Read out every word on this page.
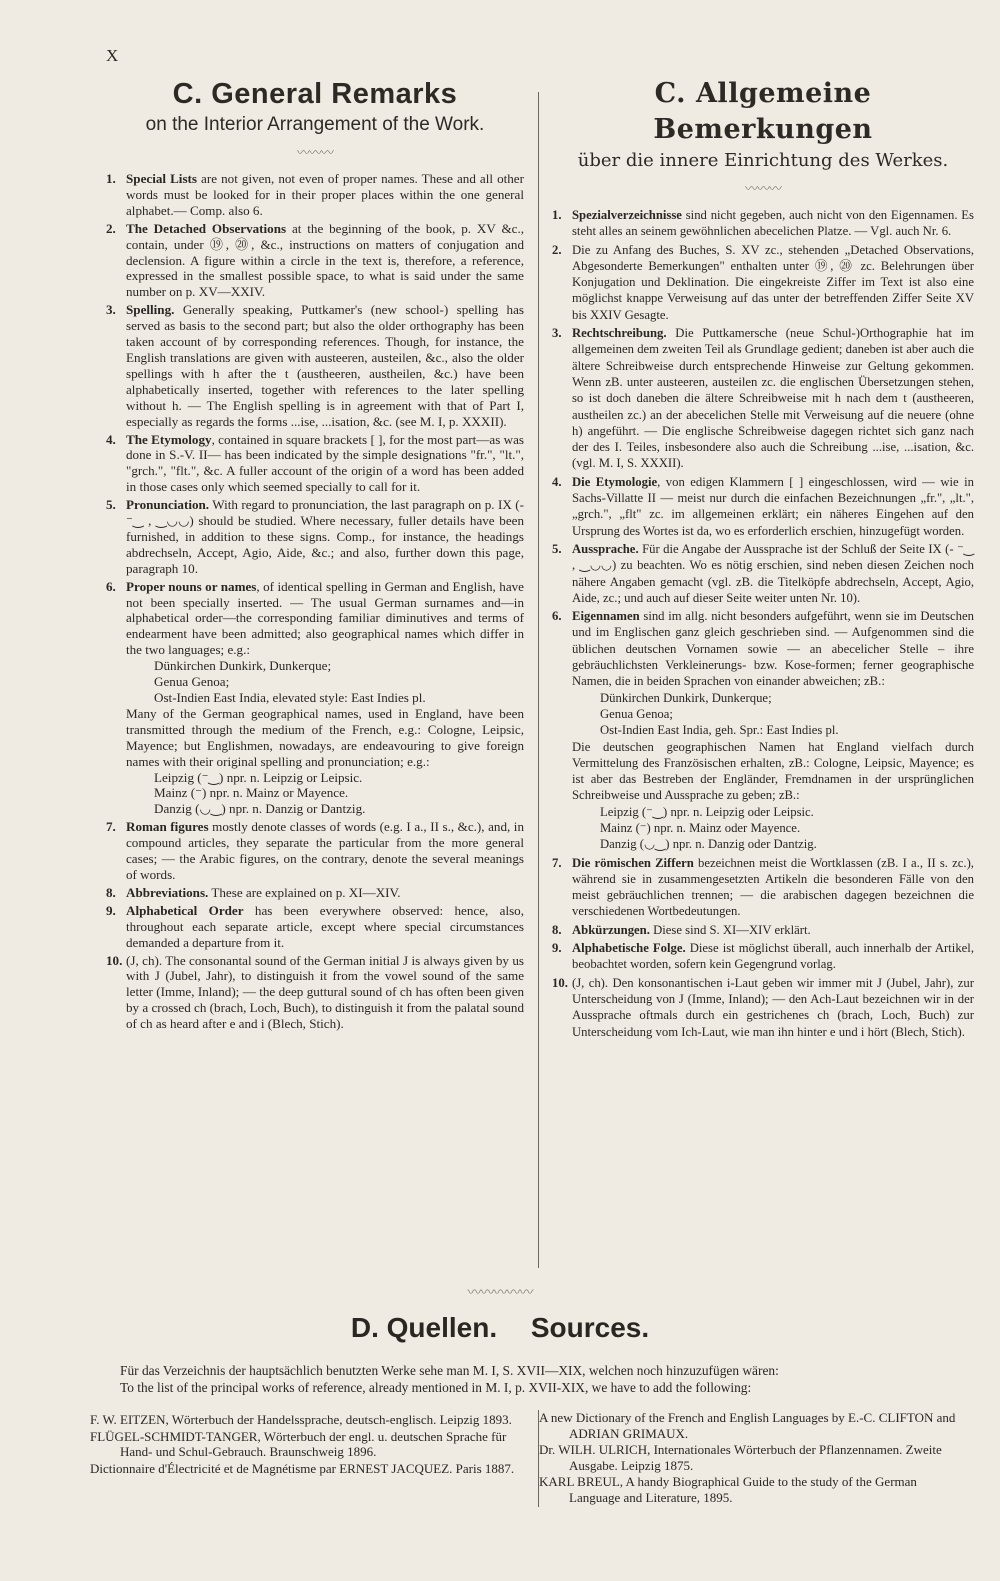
X
C. General Remarks

on the Interior Arrangement of the Work.

〰〰〰
1. Special Lists are not given, not even of proper names. These and all other words must be looked for in their proper places within the one general alphabet.— Comp. also 6.
2. The Detached Observations at the beginning of the book, p. XV &c., contain, under ⑲, ⑳, &c., instructions on matters of conjugation and declension. A figure within a circle in the text is, therefore, a reference, expressed in the smallest possible space, to what is said under the same number on p. XV—XXIV.
3. Spelling. Generally speaking, Puttkamer's (new school-) spelling has served as basis to the second part; but also the older orthography has been taken account of by corresponding references. Though, for instance, the English translations are given with austeeren, austeilen, &c., also the older spellings with h after the t (austheeren, austheilen, &c.) have been alphabetically inserted, together with references to the later spelling without h. — The English spelling is in agreement with that of Part I, especially as regards the forms ...ise, ...isation, &c. (see M. I, p. XXXII).
4. The Etymology, contained in square brackets [ ], for the most part—as was done in S.-V. II— has been indicated by the simple designations "fr.", "lt.", "grch.", "flt.", &c. A fuller account of the origin of a word has been added in those cases only which seemed specially to call for it.
5. Pronunciation. With regard to pronunciation, the last paragraph on p. IX (‐ ⁻‿ , ‿◡◡) should be studied. Where necessary, fuller details have been furnished, in addition to these signs. Comp., for instance, the headings abdrechseln, Accept, Agio, Aide, &c.; and also, further down this page, paragraph 10.
6. Proper nouns or names, of identical spelling in German and English, have not been specially inserted. — The usual German surnames and—in alphabetical order—the corresponding familiar diminutives and terms of endearment have been admitted; also geographical names which differ in the two languages; e.g.:
Dünkirchen Dunkirk, Dunkerque;
Genua Genoa;
Ost-Indien East India, elevated style: East Indies pl.
Many of the German geographical names, used in England, have been transmitted through the medium of the French, e.g.: Cologne, Leipsic, Mayence; but Englishmen, nowadays, are endeavouring to give foreign names with their original spelling and pronunciation; e.g.:
Leipzig (⁻‿) npr. n. Leipzig or Leipsic.
Mainz (⁻) npr. n. Mainz or Mayence.
Danzig (◡‿) npr. n. Danzig or Dantzig.
7. Roman figures mostly denote classes of words (e.g. I a., II s., &c.), and, in compound articles, they separate the particular from the more general cases; — the Arabic figures, on the contrary, denote the several meanings of words.
8. Abbreviations. These are explained on p. XI—XIV.
9. Alphabetical Order has been everywhere observed: hence, also, throughout each separate article, except where special circumstances demanded a departure from it.
10. (J, ch). The consonantal sound of the German initial J is always given by us with J (Jubel, Jahr), to distinguish it from the vowel sound of the same letter (Imme, Inland); — the deep guttural sound of ch has often been given by a crossed ch (brach, Loch, Buch), to distinguish it from the palatal sound of ch as heard after e and i (Blech, Stich).
C. Allgemeine Bemerkungen

über die innere Einrichtung des Werkes.

〰〰〰
1. Spezialverzeichnisse sind nicht gegeben, auch nicht von den Eigennamen. Es steht alles an seinem gewöhnlichen abecelichen Platze. — Vgl. auch Nr. 6.
2. Die zu Anfang des Buches, S. XV zc., stehenden „Detached Observations, Abgesonderte Bemerkungen" enthalten unter ⑲, ⑳ zc. Belehrungen über Konjugation und Deklination. Die eingekreiste Ziffer im Text ist also eine möglichst knappe Verweisung auf das unter der betreffenden Ziffer Seite XV bis XXIV Gesagte.
3. Rechtschreibung. Die Puttkamersche (neue Schul-)Orthographie hat im allgemeinen dem zweiten Teil als Grundlage gedient; daneben ist aber auch die ältere Schreibweise durch entsprechende Hinweise zur Geltung gekommen. Wenn zB. unter austeeren, austeilen zc. die englischen Übersetzungen stehen, so ist doch daneben die ältere Schreibweise mit h nach dem t (austheeren, austheilen zc.) an der abecelichen Stelle mit Verweisung auf die neuere (ohne h) angeführt. — Die englische Schreibweise dagegen richtet sich ganz nach der des I. Teiles, insbesondere also auch die Schreibung ...ise, ...isation, &c. (vgl. M. I, S. XXXII).
4. Die Etymologie, von edigen Klammern [ ] eingeschlossen, wird — wie in Sachs-Villatte II — meist nur durch die einfachen Bezeichnungen „fr.", „lt.", „grch.", „flt" zc. im allgemeinen erklärt; ein näheres Eingehen auf den Ursprung des Wortes ist da, wo es erforderlich erschien, hinzugefügt worden.
5. Aussprache. Für die Angabe der Aussprache ist der Schluß der Seite IX (‐ ⁻‿ , ‿◡◡) zu beachten. Wo es nötig erschien, sind neben diesen Zeichen noch nähere Angaben gemacht (vgl. zB. die Titelköpfe abdrechseln, Accept, Agio, Aide, zc.; und auch auf dieser Seite weiter unten Nr. 10).
6. Eigennamen sind im allg. nicht besonders aufgeführt, wenn sie im Deutschen und im Englischen ganz gleich geschrieben sind. — Aufgenommen sind die üblichen deutschen Vornamen sowie — an abecelicher Stelle – ihre gebräuchlichsten Verkleinerungs- bzw. Kose-formen; ferner geographische Namen, die in beiden Sprachen von einander abweichen; zB.:
Dünkirchen Dunkirk, Dunkerque;
Genua Genoa;
Ost-Indien East India, geh. Spr.: East Indies pl.
Die deutschen geographischen Namen hat England vielfach durch Vermittelung des Französischen erhalten, zB.: Cologne, Leipsic, Mayence; es ist aber das Bestreben der Engländer, Fremdnamen in der ursprünglichen Schreibweise und Aussprache zu geben; zB.:
Leipzig (⁻‿) npr. n. Leipzig oder Leipsic.
Mainz (⁻) npr. n. Mainz oder Mayence.
Danzig (◡‿) npr. n. Danzig oder Dantzig.
7. Die römischen Ziffern bezeichnen meist die Wortklassen (zB. I a., II s. zc.), während sie in zusammengesetzten Artikeln die besonderen Fälle von den meist gebräuchlichen trennen; — die arabischen dagegen bezeichnen die verschiedenen Wortbedeutungen.
8. Abkürzungen. Diese sind S. XI—XIV erklärt.
9. Alphabetische Folge. Diese ist möglichst überall, auch innerhalb der Artikel, beobachtet worden, sofern kein Gegengrund vorlag.
10. (J, ch). Den konsonantischen i-Laut geben wir immer mit J (Jubel, Jahr), zur Unterscheidung von J (Imme, Inland); — den Ach-Laut bezeichnen wir in der Aussprache oftmals durch ein gestrichenes ch (brach, Loch, Buch) zur Unterscheidung vom Ich-Laut, wie man ihn hinter e und i hört (Blech, Stich).
〰〰〰〰〰
D. Quellen. Sources.
Für das Verzeichnis der hauptsächlich benutzten Werke sehe man M. I, S. XVII—XIX, welchen noch hinzuzufügen wären:
To the list of the principal works of reference, already mentioned in M. I, p. XVII-XIX, we have to add the following:

F. W. EITZEN, Wörterbuch der Handelssprache, deutsch-englisch. Leipzig 1893.

FLÜGEL-SCHMIDT-TANGER, Wörterbuch der engl. u. deutschen Sprache für Hand- und Schul-Gebrauch. Braunschweig 1896.

Dictionnaire d'Électricité et de Magnétisme par ERNEST JACQUEZ. Paris 1887.

A new Dictionary of the French and English Languages by E.-C. CLIFTON and ADRIAN GRIMAUX.

Dr. WILH. ULRICH, Internationales Wörterbuch der Pflanzennamen. Zweite Ausgabe. Leipzig 1875.

KARL BREUL, A handy Biographical Guide to the study of the German Language and Literature, 1895.
